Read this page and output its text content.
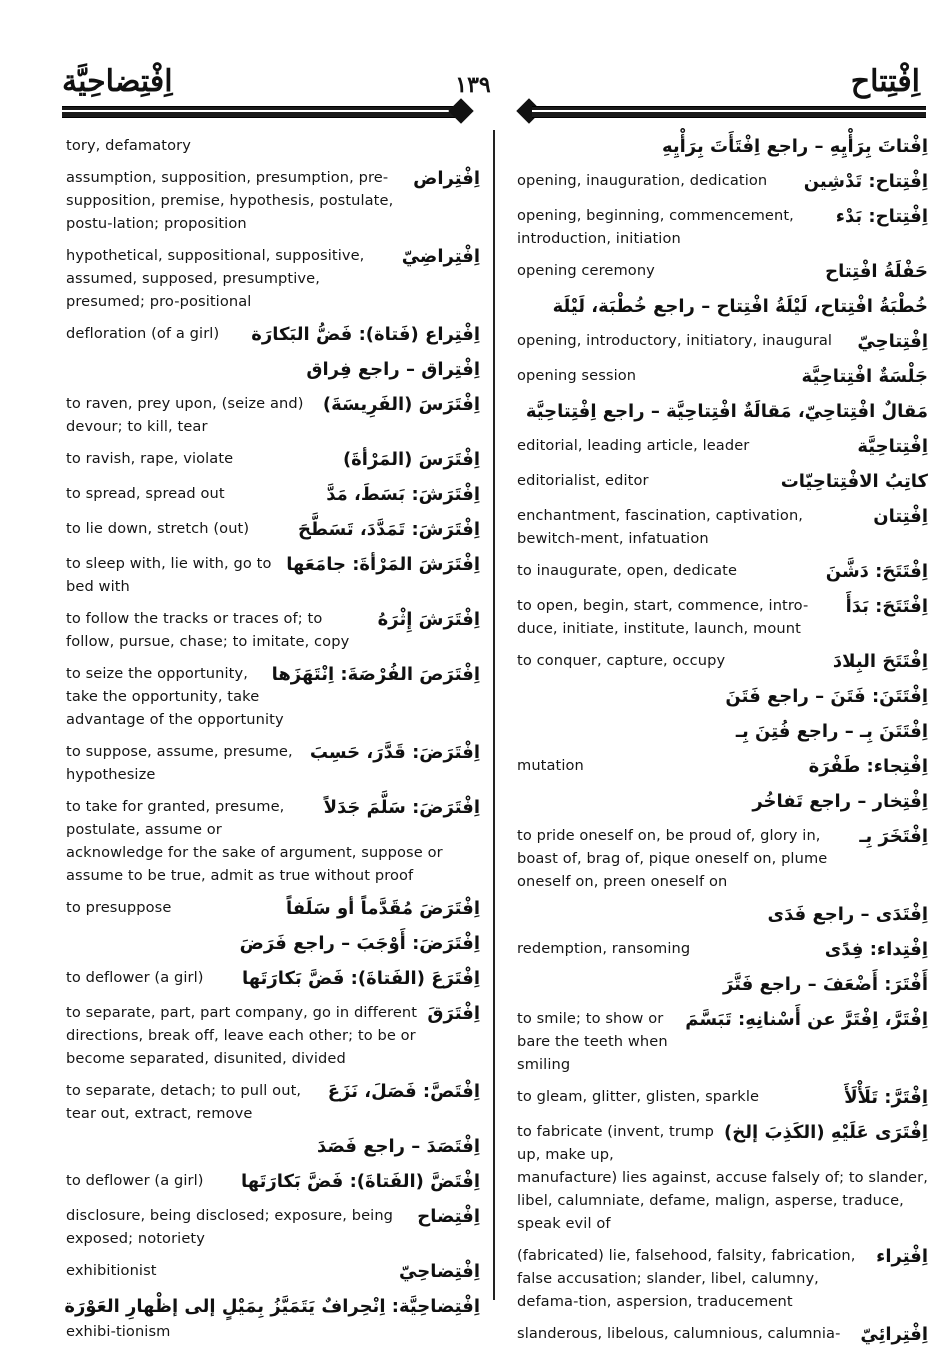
اِفْتِضاحِيَّة	١٣٩	اِفْتِتاح
tory, defamatory
اِفْتِراض
assumption, supposition, presumption, pre-supposition, premise, hypothesis, postulate, postu-lation; proposition
اِفْتِراضِيّ
hypothetical, suppositional, suppositive, assumed, supposed, presumptive, presumed; pro-positional
اِفْتِراع (فَتاة): فَضُّ البَكارَة
defloration (of a girl)
اِفْتِراق – راجع فِراق
اِفْتَرَسَ (الفَرِيسَةَ)
to raven, prey upon, (seize and) devour; to kill, tear
اِفْتَرَسَ (المَرْأةَ)
to ravish, rape, violate
اِفْتَرَشَ: بَسَطَ، مَدَّ
to spread, spread out
اِفْتَرَشَ: تَمَدَّدَ، تَسَطَّحَ
to lie down, stretch (out)
اِفْتَرَشَ المَرْأةَ: جامَعَها
to sleep with, lie with, go to bed with
اِفْتَرَشَ إِثْرَهُ
to follow the tracks or traces of; to follow, pursue, chase; to imitate, copy
اِفْتَرَصَ الفُرْصَةَ: اِنْتَهَزَها
to seize the opportunity, take the opportunity, take advantage of the opportunity
اِفْتَرَضَ: قَدَّرَ، حَسِبَ
to suppose, assume, presume, hypothesize
اِفْتَرَضَ: سَلَّمَ جَدَلاً
to take for granted, presume, postulate, assume or acknowledge for the sake of argument, suppose or assume to be true, admit as true without proof
اِفْتَرَضَ مُقَدَّماً أو سَلَفاً
to presuppose
اِفْتَرَضَ: أَوْجَبَ – راجع فَرَضَ
اِفْتَرَعَ (الفَتاةَ): فَضَّ بَكارَتَها
to deflower (a girl)
اِفْتَرَقَ
to separate, part, part company, go in different directions, break off, leave each other; to be or become separated, disunited, divided
اِفْتَصَّ: فَصَلَ، نَزَعَ
to separate, detach; to pull out, tear out, extract, remove
اِفْتَصَدَ – راجع فَصَدَ
اِفْتَضَّ (الفَتاةَ): فَضَّ بَكارَتَها
to deflower (a girl)
اِفْتِضاح
disclosure, being disclosed; exposure, being exposed; notoriety
اِفْتِضاحِيّ
exhibitionist
اِفْتِضاحِيَّة: اِنْحِرافٌ يَتَمَيَّزُ بِمَيْلٍ إلى إظْهارِ العَوْرَة
exhibi-tionism
اِفْتاتَ بِرَأْيِهِ – راجع اِفْتَأَتَ بِرَأْيِهِ
اِفْتِتاح: تَدْشِين
opening, inauguration, dedication
اِفْتِتاح: بَدْء
opening, beginning, commencement, introduction, initiation
حَفْلَةُ افْتِتاح
opening ceremony
خُطْبَةُ افْتِتاح، لَيْلَةُ افْتِتاح – راجع خُطْبَة، لَيْلَة
اِفْتِتاحِيّ
opening, introductory, initiatory, inaugural
جَلْسَةٌ افْتِتاحِيَّة
opening session
مَقالٌ افْتِتاحِيّ، مَقالَةٌ افْتِتاحِيَّة – راجع اِفْتِتاحِيَّة
اِفْتِتاحِيَّة
editorial, leading article, leader
كاتِبُ الافْتِتاحِيّات
editorialist, editor
اِفْتِتان
enchantment, fascination, captivation, bewitch-ment, infatuation
اِفْتَتَحَ: دَشَّنَ
to inaugurate, open, dedicate
اِفْتَتَحَ: بَدَأَ
to open, begin, start, commence, intro-duce, initiate, institute, launch, mount
اِفْتَتَحَ البِلادَ
to conquer, capture, occupy
اِفْتَتَنَ: فَتَنَ – راجع فَتَنَ
اِفْتَتَنَ بِـ – راجع فُتِنَ بِـ
اِفْتِجاء: طَفْرَة
mutation
اِفْتِخار – راجع تَفاخُر
اِفْتَخَرَ بِـ
to pride oneself on, be proud of, glory in, boast of, brag of, pique oneself on, plume oneself on, preen oneself on
اِفْتَدَى – راجع فَدَى
اِفْتِداء: فِدًى
redemption, ransoming
أَفْتَرَ: أَضْعَفَ – راجع فَتَّرَ
اِفْتَرَّ، اِفْتَرَّ عن أَسْنانِهِ: تَبَسَّمَ
to smile; to show or bare the teeth when smiling
اِفْتَرَّ: تَلَأْلَأَ
to gleam, glitter, glisten, sparkle
اِفْتَرَى عَلَيْهِ (الكَذِبَ إلخ)
to fabricate (invent, trump up, make up, manufacture) lies against, accuse falsely of; to slander, libel, calumniate, defame, malign, asperse, traduce, speak evil of
اِفْتِراء
(fabricated) lie, falsehood, falsity, fabrication, false accusation; slander, libel, calumny, defama-tion, aspersion, traducement
اِفْتِرائِيّ
slanderous, libelous, calumnious, calumnia-
